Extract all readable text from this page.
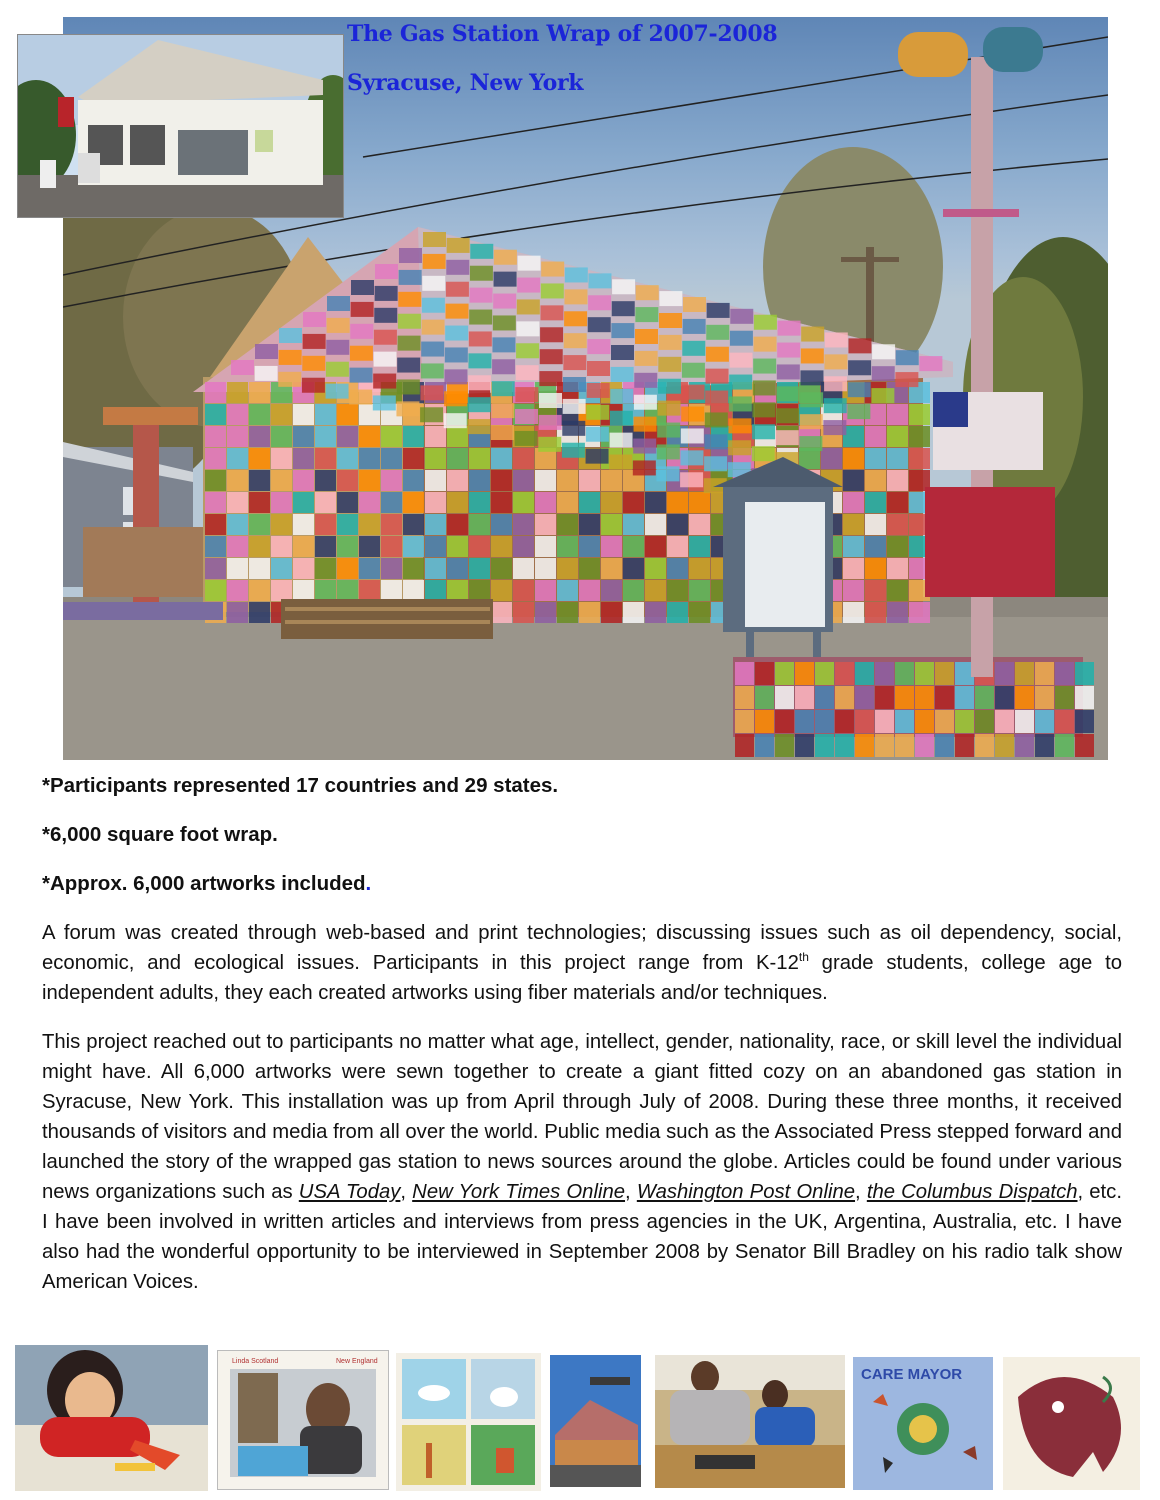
The Gas Station Wrap of 2007-2008
Syracuse, New York

*Participants represented 17 countries and 29 states.

*6,000 square foot wrap.

*Approx. 6,000 artworks included.

A forum was created through web-based and print technologies; discussing issues such as oil dependency, social, economic, and ecological issues. Participants in this project range from K-12th grade students, college age to independent adults, they each created artworks using fiber materials and/or techniques.

This project reached out to participants no matter what age, intellect, gender, nationality, race, or skill level the individual might have. All 6,000 artworks were sewn together to create a giant fitted cozy on an abandoned gas station in Syracuse, New York. This installation was up from April through July of 2008. During these three months, it received thousands of visitors and media from all over the world. Public media such as the Associated Press stepped forward and launched the story of the wrapped gas station to news sources around the globe. Articles could be found under various news organizations such as USA Today, New York Times Online, Washington Post Online, the Columbus Dispatch, etc. I have been involved in written articles and interviews from press agencies in the UK, Argentina, Australia, etc. I have also had the wonderful opportunity to be interviewed in September 2008 by Senator Bill Bradley on his radio talk show American Voices.

Linda Scotland	New England
CARE MAYOR
